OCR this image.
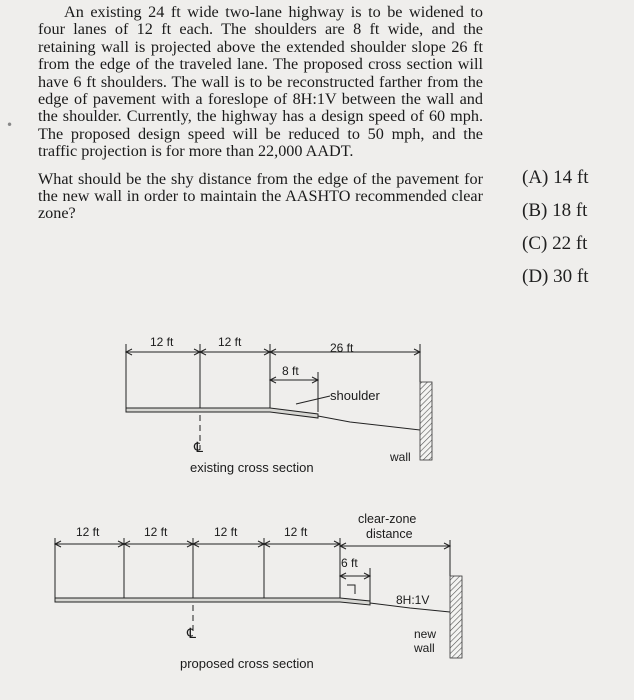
•

An existing 24 ft wide two-lane highway is to be widened to four lanes of 12 ft each. The shoulders are 8 ft wide, and the retaining wall is projected above the extended shoulder slope 26 ft from the edge of the traveled lane. The proposed cross section will have 6 ft shoulders. The wall is to be reconstructed farther from the edge of pavement with a foreslope of 8H:1V between the wall and the shoulder. Currently, the highway has a design speed of 60 mph. The proposed design speed will be reduced to 50 mph, and the traffic projection is for more than 22,000 AADT.

What should be the shy distance from the edge of the pavement for the new wall in order to maintain the AASHTO recommended clear zone?

(A) 14 ft
(B) 18 ft
(C) 22 ft
(D) 30 ft
12 ft	12 ft	26 ft
8 ft
shoulder
℄
wall
existing cross section
12 ft	12 ft	12 ft	12 ft
clear-zone
distance
6 ft
8H:1V
℄	new
wall
proposed cross section
